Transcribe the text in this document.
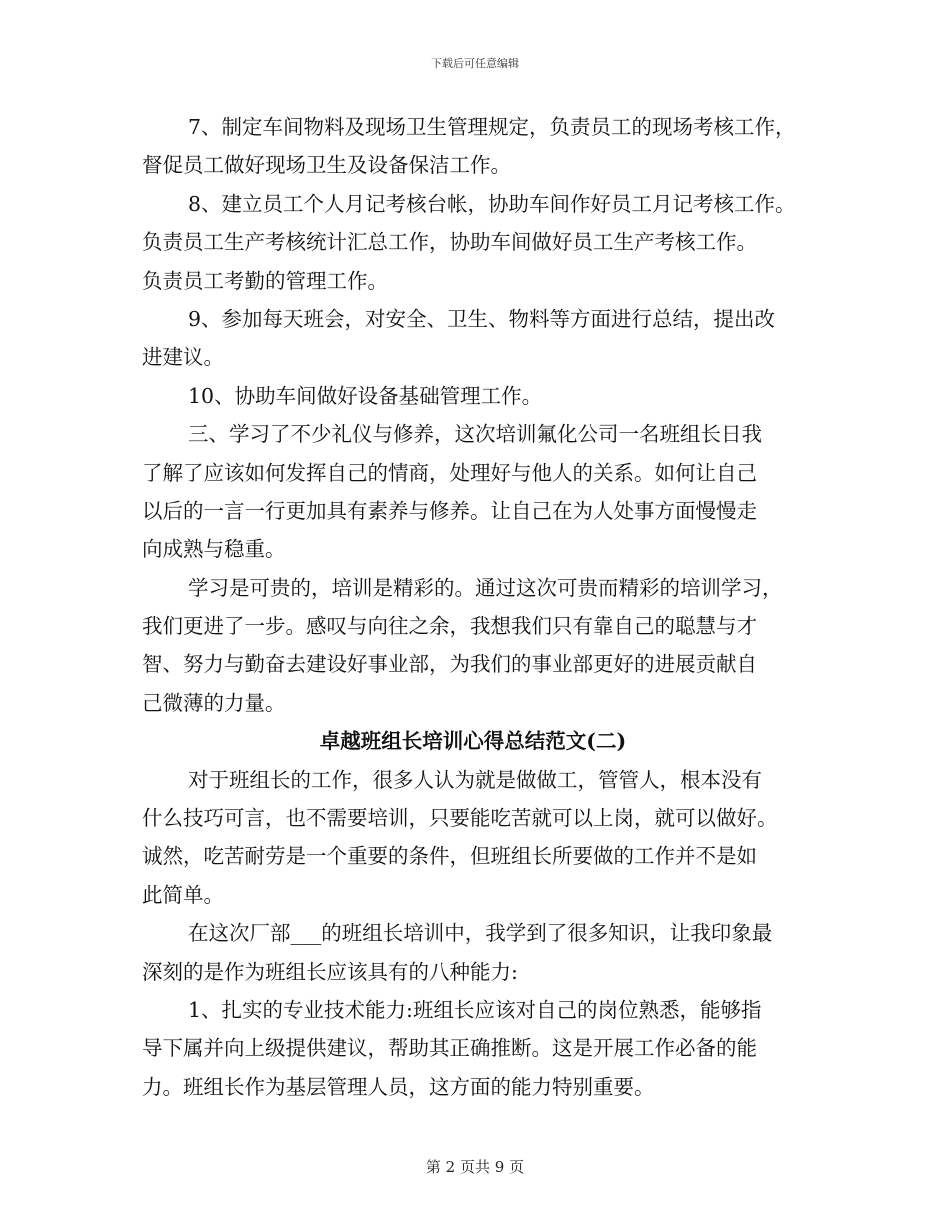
下载后可任意编辑
7、制定车间物料及现场卫生管理规定，负责员工的现场考核工作，
督促员工做好现场卫生及设备保洁工作。
8、建立员工个人月记考核台帐，协助车间作好员工月记考核工作。
负责员工生产考核统计汇总工作，协助车间做好员工生产考核工作。
负责员工考勤的管理工作。
9、参加每天班会，对安全、卫生、物料等方面进行总结，提出改
进建议。
10、协助车间做好设备基础管理工作。
三、学习了不少礼仪与修养，这次培训氟化公司一名班组长日我
了解了应该如何发挥自己的情商，处理好与他人的关系。如何让自己
以后的一言一行更加具有素养与修养。让自己在为人处事方面慢慢走
向成熟与稳重。
学习是可贵的，培训是精彩的。通过这次可贵而精彩的培训学习，
我们更进了一步。感叹与向往之余，我想我们只有靠自己的聪慧与才
智、努力与勤奋去建设好事业部，为我们的事业部更好的进展贡献自
己微薄的力量。
卓越班组长培训心得总结范文(二)
对于班组长的工作，很多人认为就是做做工，管管人，根本没有
什么技巧可言，也不需要培训，只要能吃苦就可以上岗，就可以做好。
诚然，吃苦耐劳是一个重要的条件，但班组长所要做的工作并不是如
此简单。
在这次厂部___的班组长培训中，我学到了很多知识，让我印象最
深刻的是作为班组长应该具有的八种能力:
1、扎实的专业技术能力:班组长应该对自己的岗位熟悉，能够指
导下属并向上级提供建议，帮助其正确推断。这是开展工作必备的能
力。班组长作为基层管理人员，这方面的能力特别重要。
第 2 页共 9 页
